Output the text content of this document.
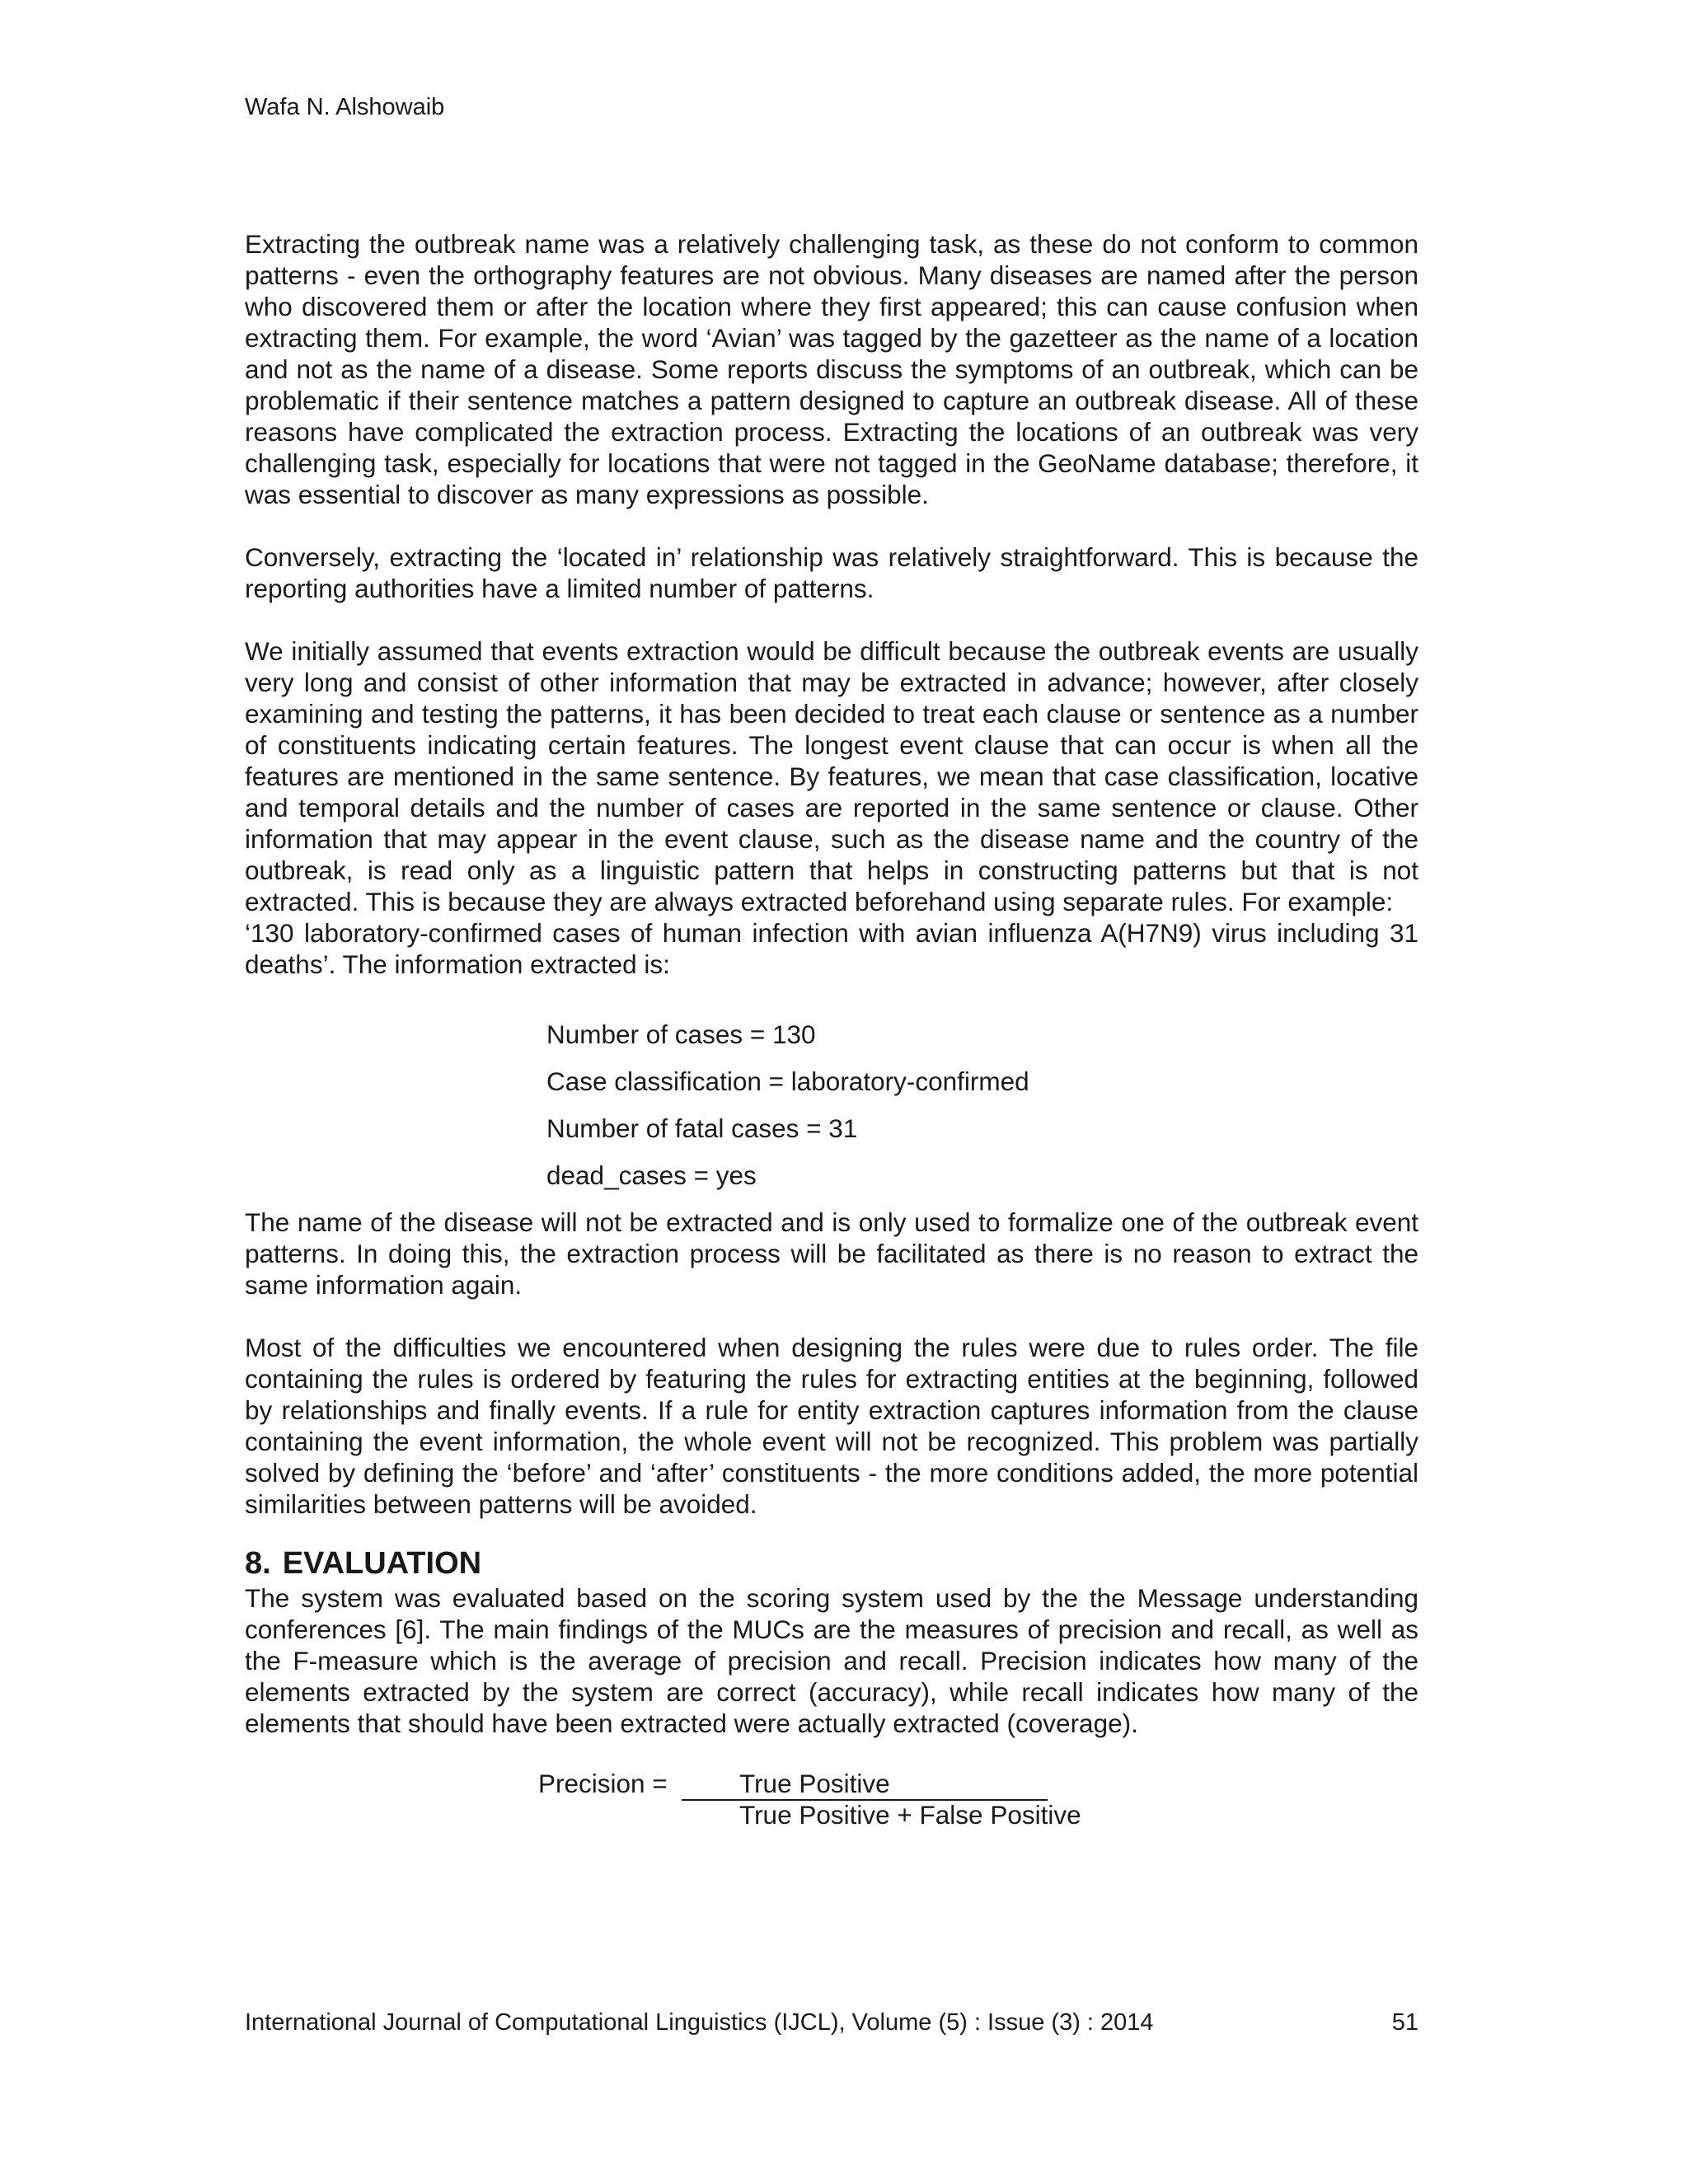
Wafa N. Alshowaib

Extracting the outbreak name was a relatively challenging task, as these do not conform to common patterns - even the orthography features are not obvious. Many diseases are named after the person who discovered them or after the location where they first appeared; this can cause confusion when extracting them. For example, the word ‘Avian’ was tagged by the gazetteer as the name of a location and not as the name of a disease. Some reports discuss the symptoms of an outbreak, which can be problematic if their sentence matches a pattern designed to capture an outbreak disease. All of these reasons have complicated the extraction process. Extracting the locations of an outbreak was very challenging task, especially for locations that were not tagged in the GeoName database; therefore, it was essential to discover as many expressions as possible.

Conversely, extracting the ‘located in’ relationship was relatively straightforward. This is because the reporting authorities have a limited number of patterns.

We initially assumed that events extraction would be difficult because the outbreak events are usually very long and consist of other information that may be extracted in advance; however, after closely examining and testing the patterns, it has been decided to treat each clause or sentence as a number of constituents indicating certain features. The longest event clause that can occur is when all the features are mentioned in the same sentence. By features, we mean that case classification, locative and temporal details and the number of cases are reported in the same sentence or clause. Other information that may appear in the event clause, such as the disease name and the country of the outbreak, is read only as a linguistic pattern that helps in constructing patterns but that is not extracted. This is because they are always extracted beforehand using separate rules. For example:

‘130 laboratory-confirmed cases of human infection with avian influenza A(H7N9) virus including 31 deaths’. The information extracted is:

Number of cases = 130
Case classification = laboratory-confirmed
Number of fatal cases = 31
dead_cases = yes

The name of the disease will not be extracted and is only used to formalize one of the outbreak event patterns. In doing this, the extraction process will be facilitated as there is no reason to extract the same information again.

Most of the difficulties we encountered when designing the rules were due to rules order. The file containing the rules is ordered by featuring the rules for extracting entities at the beginning, followed by relationships and finally events. If a rule for entity extraction captures information from the clause containing the event information, the whole event will not be recognized. This problem was partially solved by defining the ‘before’ and ‘after’ constituents - the more conditions added, the more potential similarities between patterns will be avoided.

8. EVALUATION

The system was evaluated based on the scoring system used by the the Message understanding conferences [6]. The main findings of the MUCs are the measures of precision and recall, as well as the F-measure which is the average of precision and recall. Precision indicates how many of the elements extracted by the system are correct (accuracy), while recall indicates how many of the elements that should have been extracted were actually extracted (coverage).

Precision =	True Positive
True Positive + False Positive
International Journal of Computational Linguistics (IJCL), Volume (5) : Issue (3) : 2014	51
